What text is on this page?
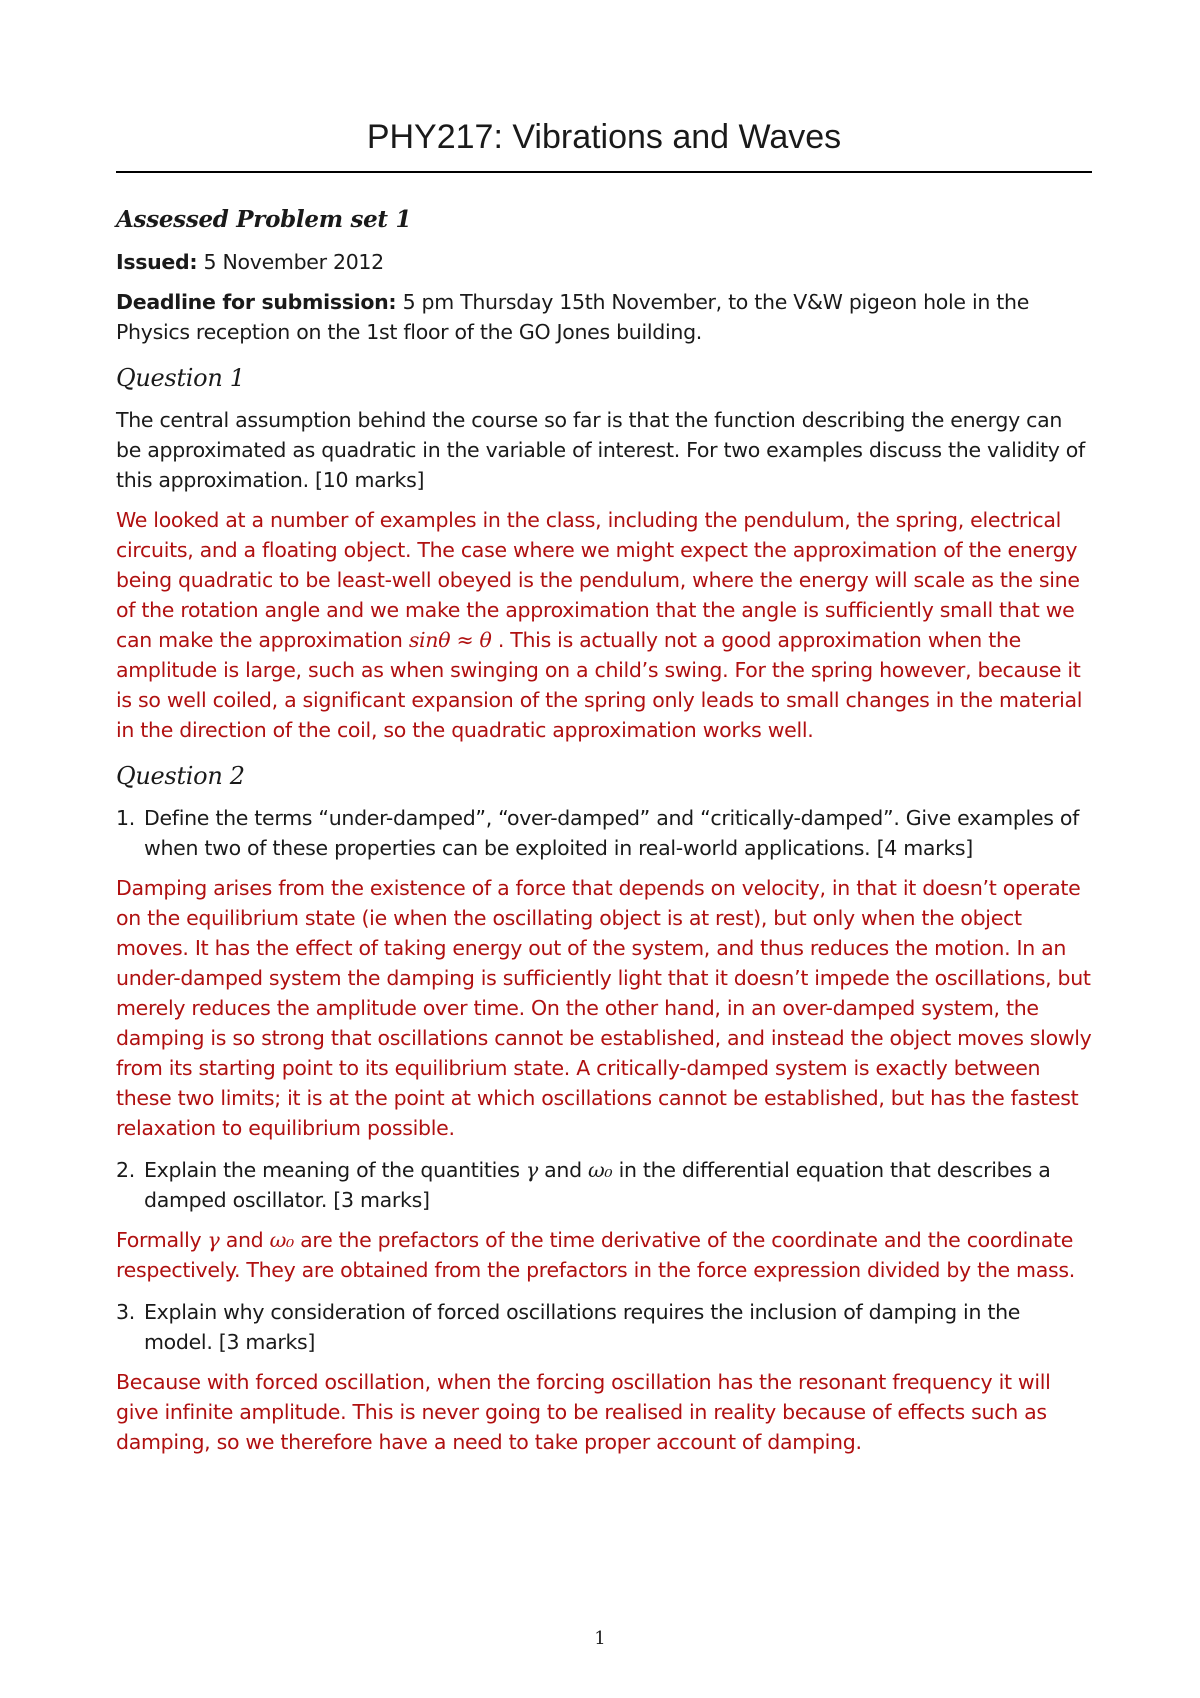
PHY217: Vibrations and Waves
Assessed Problem set 1
Issued: 5 November 2012
Deadline for submission: 5 pm Thursday 15th November, to the V&W pigeon hole in the Physics reception on the 1st floor of the GO Jones building.
Question 1
The central assumption behind the course so far is that the function describing the energy can be approximated as quadratic in the variable of interest. For two examples discuss the validity of this approximation. [10 marks]
We looked at a number of examples in the class, including the pendulum, the spring, electrical circuits, and a floating object. The case where we might expect the approximation of the energy being quadratic to be least-well obeyed is the pendulum, where the energy will scale as the sine of the rotation angle and we make the approximation that the angle is sufficiently small that we can make the approximation sinθ ≈ θ . This is actually not a good approximation when the amplitude is large, such as when swinging on a child’s swing. For the spring however, because it is so well coiled, a significant expansion of the spring only leads to small changes in the material in the direction of the coil, so the quadratic approximation works well.
Question 2
1. Define the terms “under-damped”, “over-damped” and “critically-damped”. Give examples of when two of these properties can be exploited in real-world applications. [4 marks]
Damping arises from the existence of a force that depends on velocity, in that it doesn’t operate on the equilibrium state (ie when the oscillating object is at rest), but only when the object moves. It has the effect of taking energy out of the system, and thus reduces the motion. In an under-damped system the damping is sufficiently light that it doesn’t impede the oscillations, but merely reduces the amplitude over time. On the other hand, in an over-damped system, the damping is so strong that oscillations cannot be established, and instead the object moves slowly from its starting point to its equilibrium state. A critically-damped system is exactly between these two limits; it is at the point at which oscillations cannot be established, but has the fastest relaxation to equilibrium possible.
2. Explain the meaning of the quantities γ and ω₀ in the differential equation that describes a damped oscillator. [3 marks]
Formally γ and ω₀ are the prefactors of the time derivative of the coordinate and the coordinate respectively. They are obtained from the prefactors in the force expression divided by the mass.
3. Explain why consideration of forced oscillations requires the inclusion of damping in the model. [3 marks]
Because with forced oscillation, when the forcing oscillation has the resonant frequency it will give infinite amplitude. This is never going to be realised in reality because of effects such as damping, so we therefore have a need to take proper account of damping.
1
